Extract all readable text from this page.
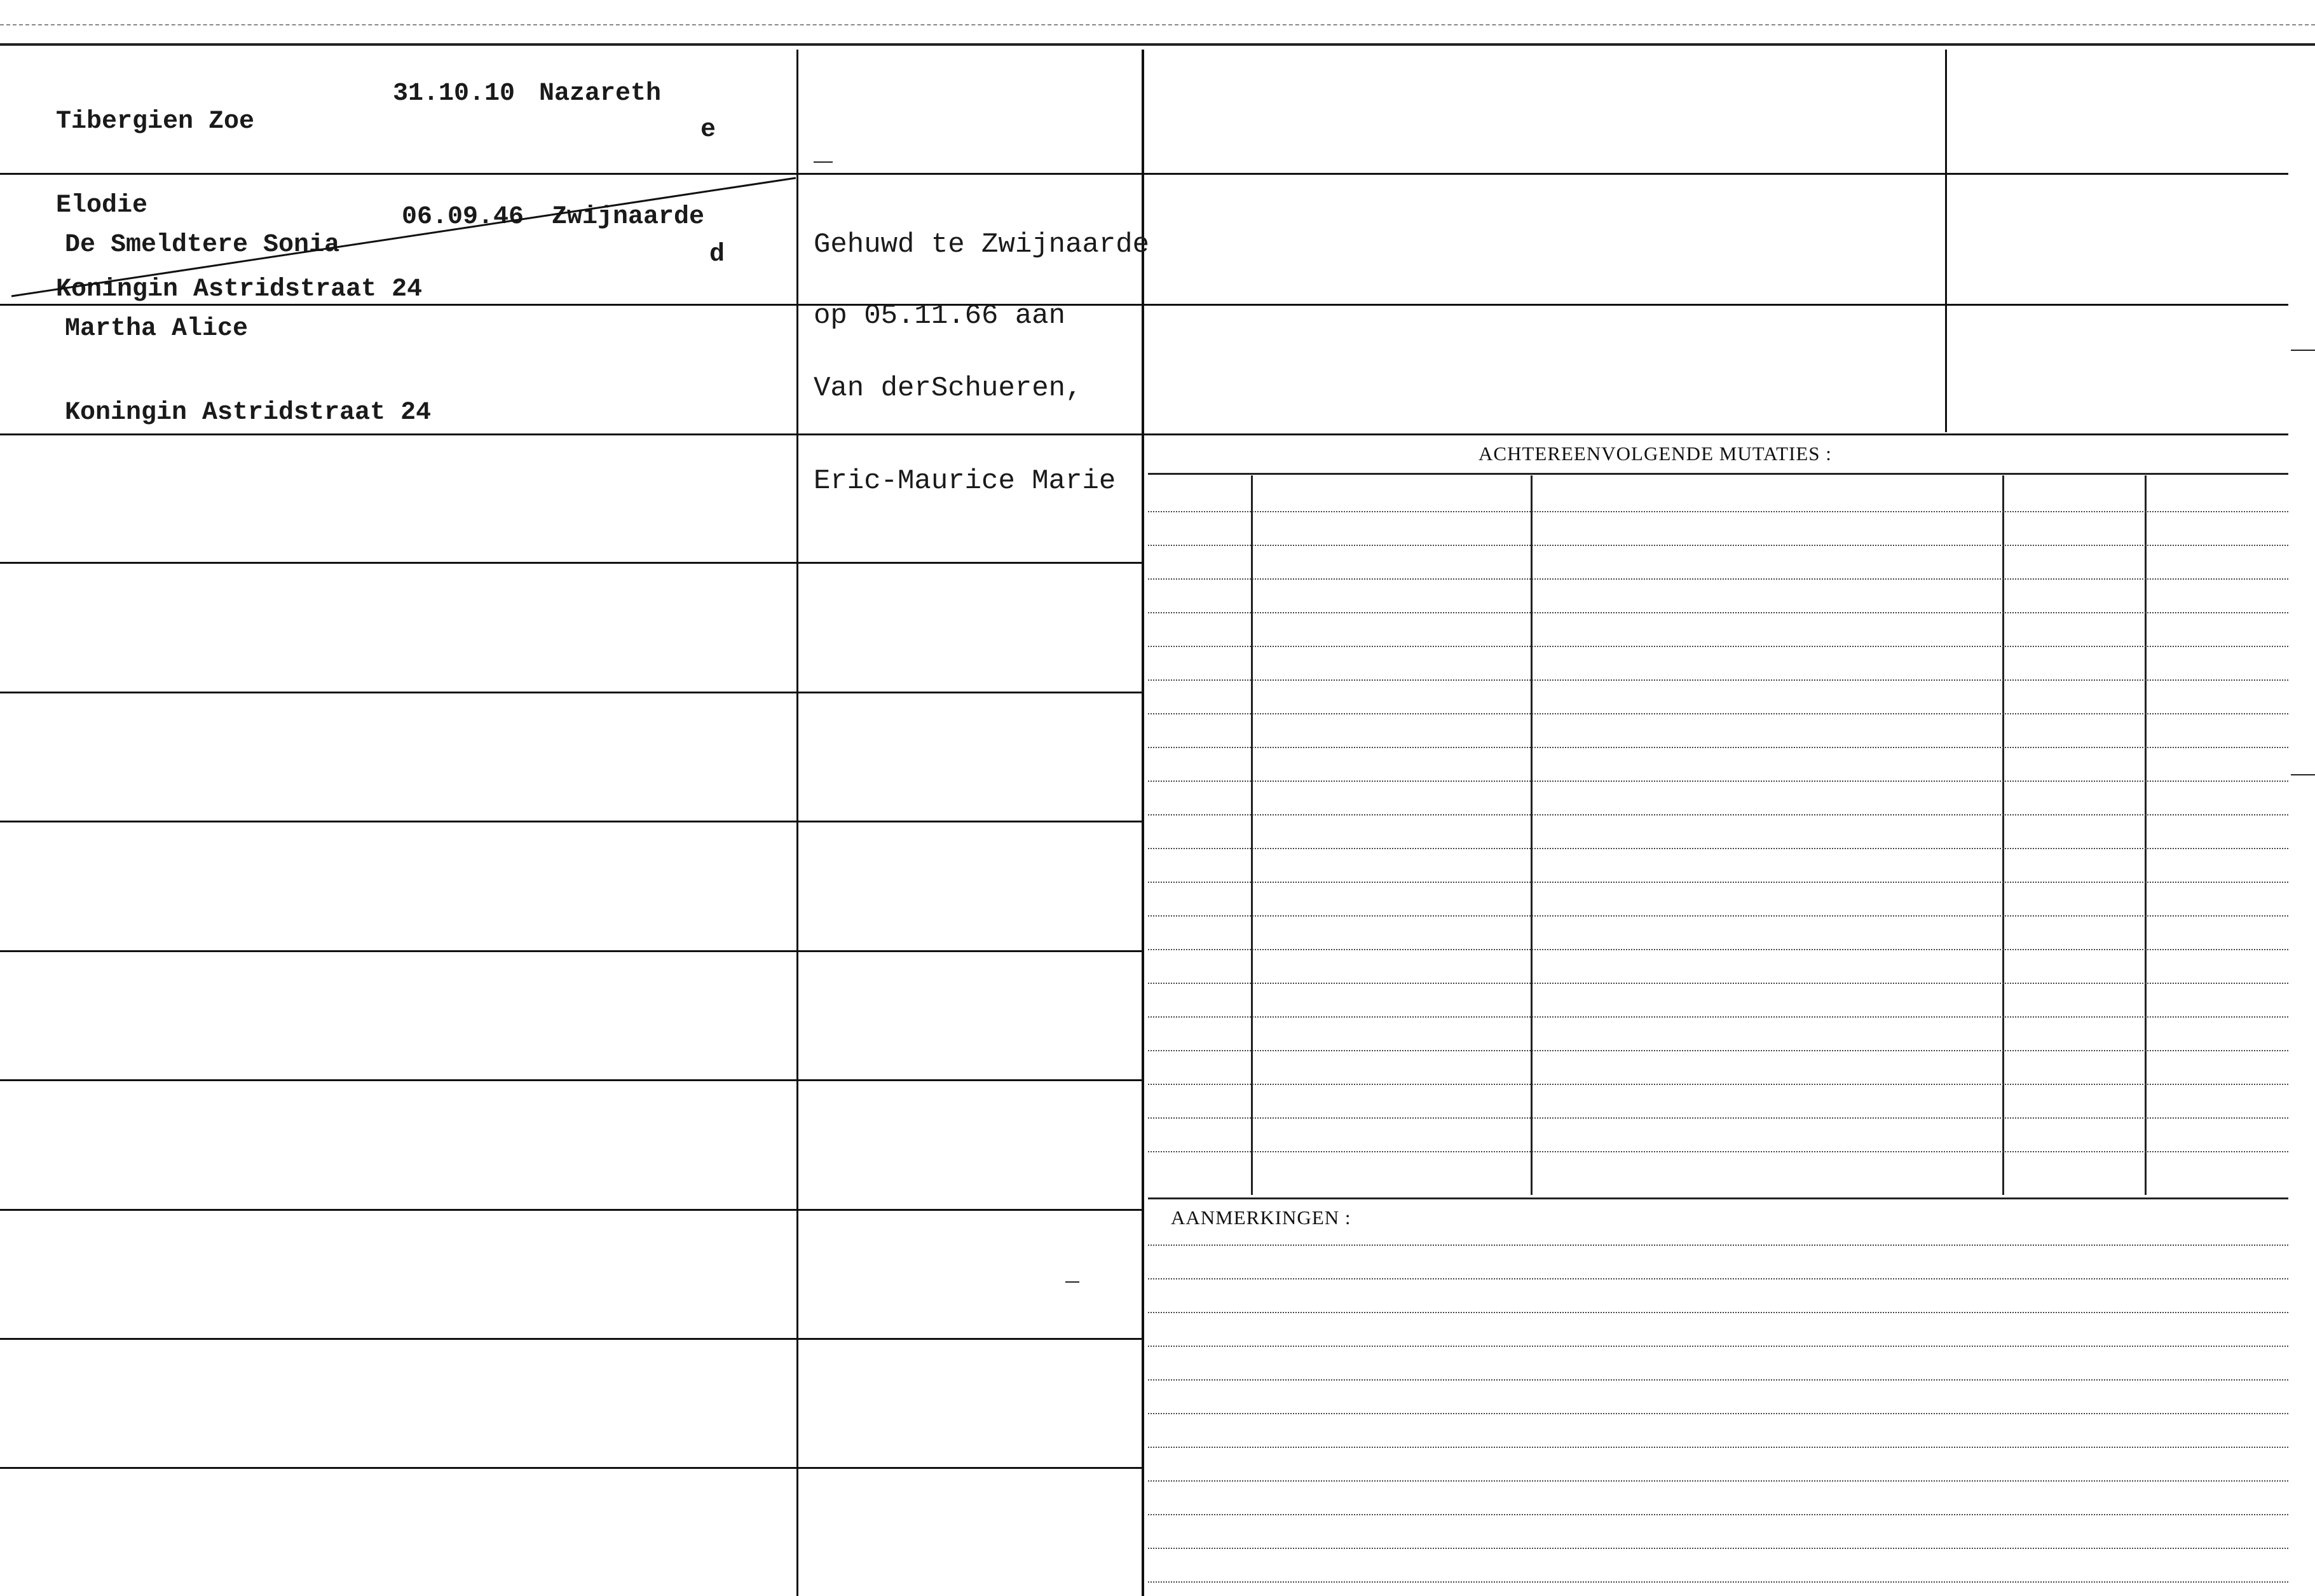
Tibergien Zoe

Elodie

Koningin Astridstraat 24

31.10.10 Nazareth
e

De Smeldtere Sonia

Martha Alice

Koningin Astridstraat 24

06.09.46 Zwijnaarde
d

	Gehuwd te Zwijnaarde

op 05.11.66 aan

Van derSchueren,

Eric-Maurice Marie

ACHTEREENVOLGENDE MUTATIES :
AANMERKINGEN :
